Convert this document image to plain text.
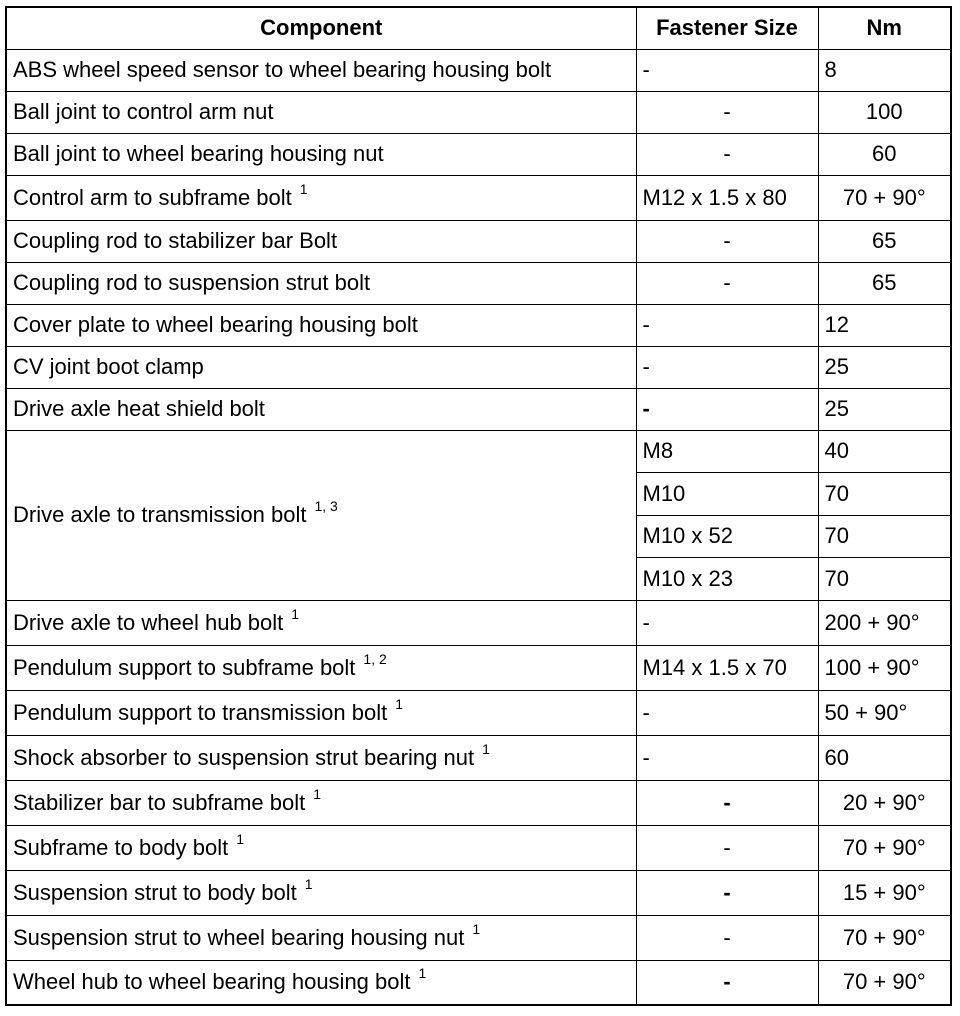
Component	Fastener Size	Nm
ABS wheel speed sensor to wheel bearing housing bolt	-	8
Ball joint to control arm nut	-	100
Ball joint to wheel bearing housing nut	-	60
Control arm to subframe bolt $^1$	M12 x 1.5 x 80	70 + 90°
Coupling rod to stabilizer bar Bolt	-	65
Coupling rod to suspension strut bolt	-	65
Cover plate to wheel bearing housing bolt	-	12
CV joint boot clamp	-	25
Drive axle heat shield bolt	-	25
Drive axle to transmission bolt $^{1, 3}$	M8	40
	M10	70
	M10 x 52	70
	M10 x 23	70
Drive axle to wheel hub bolt $^1$	-	200 + 90°
Pendulum support to subframe bolt $^{1, 2}$	M14 x 1.5 x 70	100 + 90°
Pendulum support to transmission bolt $^1$	-	50 + 90°
Shock absorber to suspension strut bearing nut $^1$	-	60
Stabilizer bar to subframe bolt $^1$	-	20 + 90°
Subframe to body bolt $^1$	-	70 + 90°
Suspension strut to body bolt $^1$	-	15 + 90°
Suspension strut to wheel bearing housing nut $^1$	-	70 + 90°
Wheel hub to wheel bearing housing bolt $^1$	-	70 + 90°
